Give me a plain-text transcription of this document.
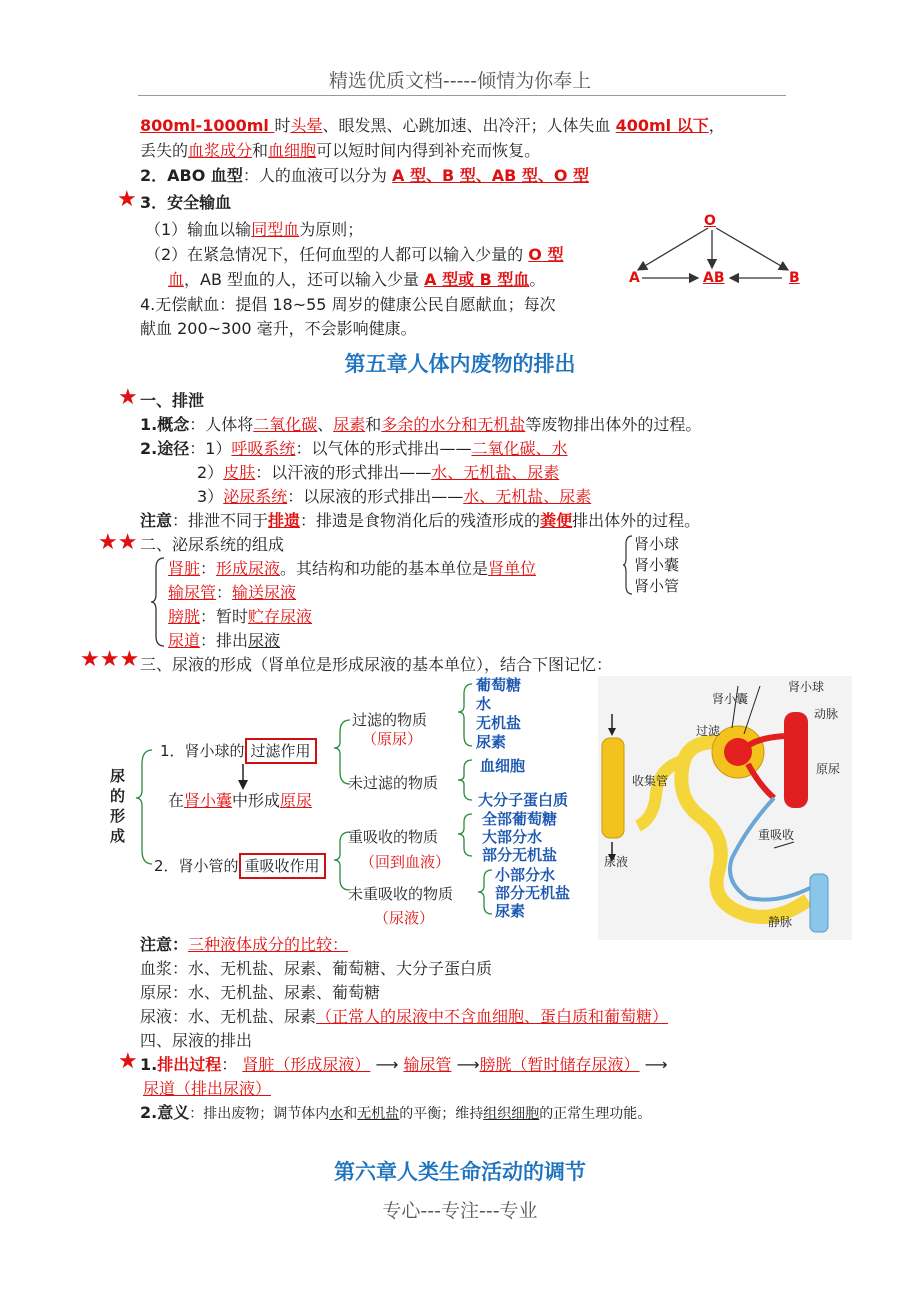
精选优质文档-----倾情为你奉上
800ml-1000ml 时头晕、眼发黑、心跳加速、出冷汗；人体失血 400ml 以下，
丢失的血浆成分和血细胞可以短时间内得到补充而恢复。
2．ABO 血型：人的血液可以分为 A 型、B 型、AB 型、O 型
★ 3．安全输血
（1）输血以输同型血为原则；
（2）在紧急情况下，任何血型的人都可以输入少量的 O 型
血，AB 型血的人，还可以输入少量 A 型或 B 型血。
4.无偿献血：提倡 18~55 周岁的健康公民自愿献血；每次
献血 200~300 毫升，不会影响健康。
O
A	AB	B
第五章人体内废物的排出
★ 一、排泄
1.概念：人体将二氧化碳、尿素和多余的水分和无机盐等废物排出体外的过程。
2.途径：1）呼吸系统：以气体的形式排出——二氧化碳、水
2）皮肤：以汗液的形式排出——水、无机盐、尿素
3）泌尿系统：以尿液的形式排出——水、无机盐、尿素
注意：排泄不同于排遗：排遗是食物消化后的残渣形成的粪便排出体外的过程。
★★ 二、泌尿系统的组成
肾脏：形成尿液。其结构和功能的基本单位是肾单位
输尿管：输送尿液
膀胱：暂时贮存尿液
尿道：排出尿液
肾小球
肾小囊
肾小管
★★★ 三、尿液的形成（肾单位是形成尿液的基本单位），结合下图记忆：
尿
的
形
成
1．肾小球的 过滤作用
在肾小囊中形成原尿
2．肾小管的 重吸收作用
过滤的物质
（原尿）
未过滤的物质
重吸收的物质
（回到血液）
未重吸收的物质
（尿液）
葡萄糖
水
无机盐
尿素
血细胞
大分子蛋白质
全部葡萄糖
大部分水
部分无机盐
小部分水
部分无机盐
尿素
肾小球
肾小囊
动脉
过滤
收集管
原尿
重吸收
尿液
静脉
注意：三种液体成分的比较：
血浆：水、无机盐、尿素、葡萄糖、大分子蛋白质
原尿：水、无机盐、尿素、葡萄糖
尿液：水、无机盐、尿素（正常人的尿液中不含血细胞、蛋白质和葡萄糖）
四、尿液的排出
★ 1.排出过程： 肾脏（形成尿液） ⟶ 输尿管 ⟶膀胱（暂时储存尿液） ⟶
尿道（排出尿液）
2.意义：排出废物；调节体内水和无机盐的平衡；维持组织细胞的正常生理功能。
第六章人类生命活动的调节
专心---专注---专业
